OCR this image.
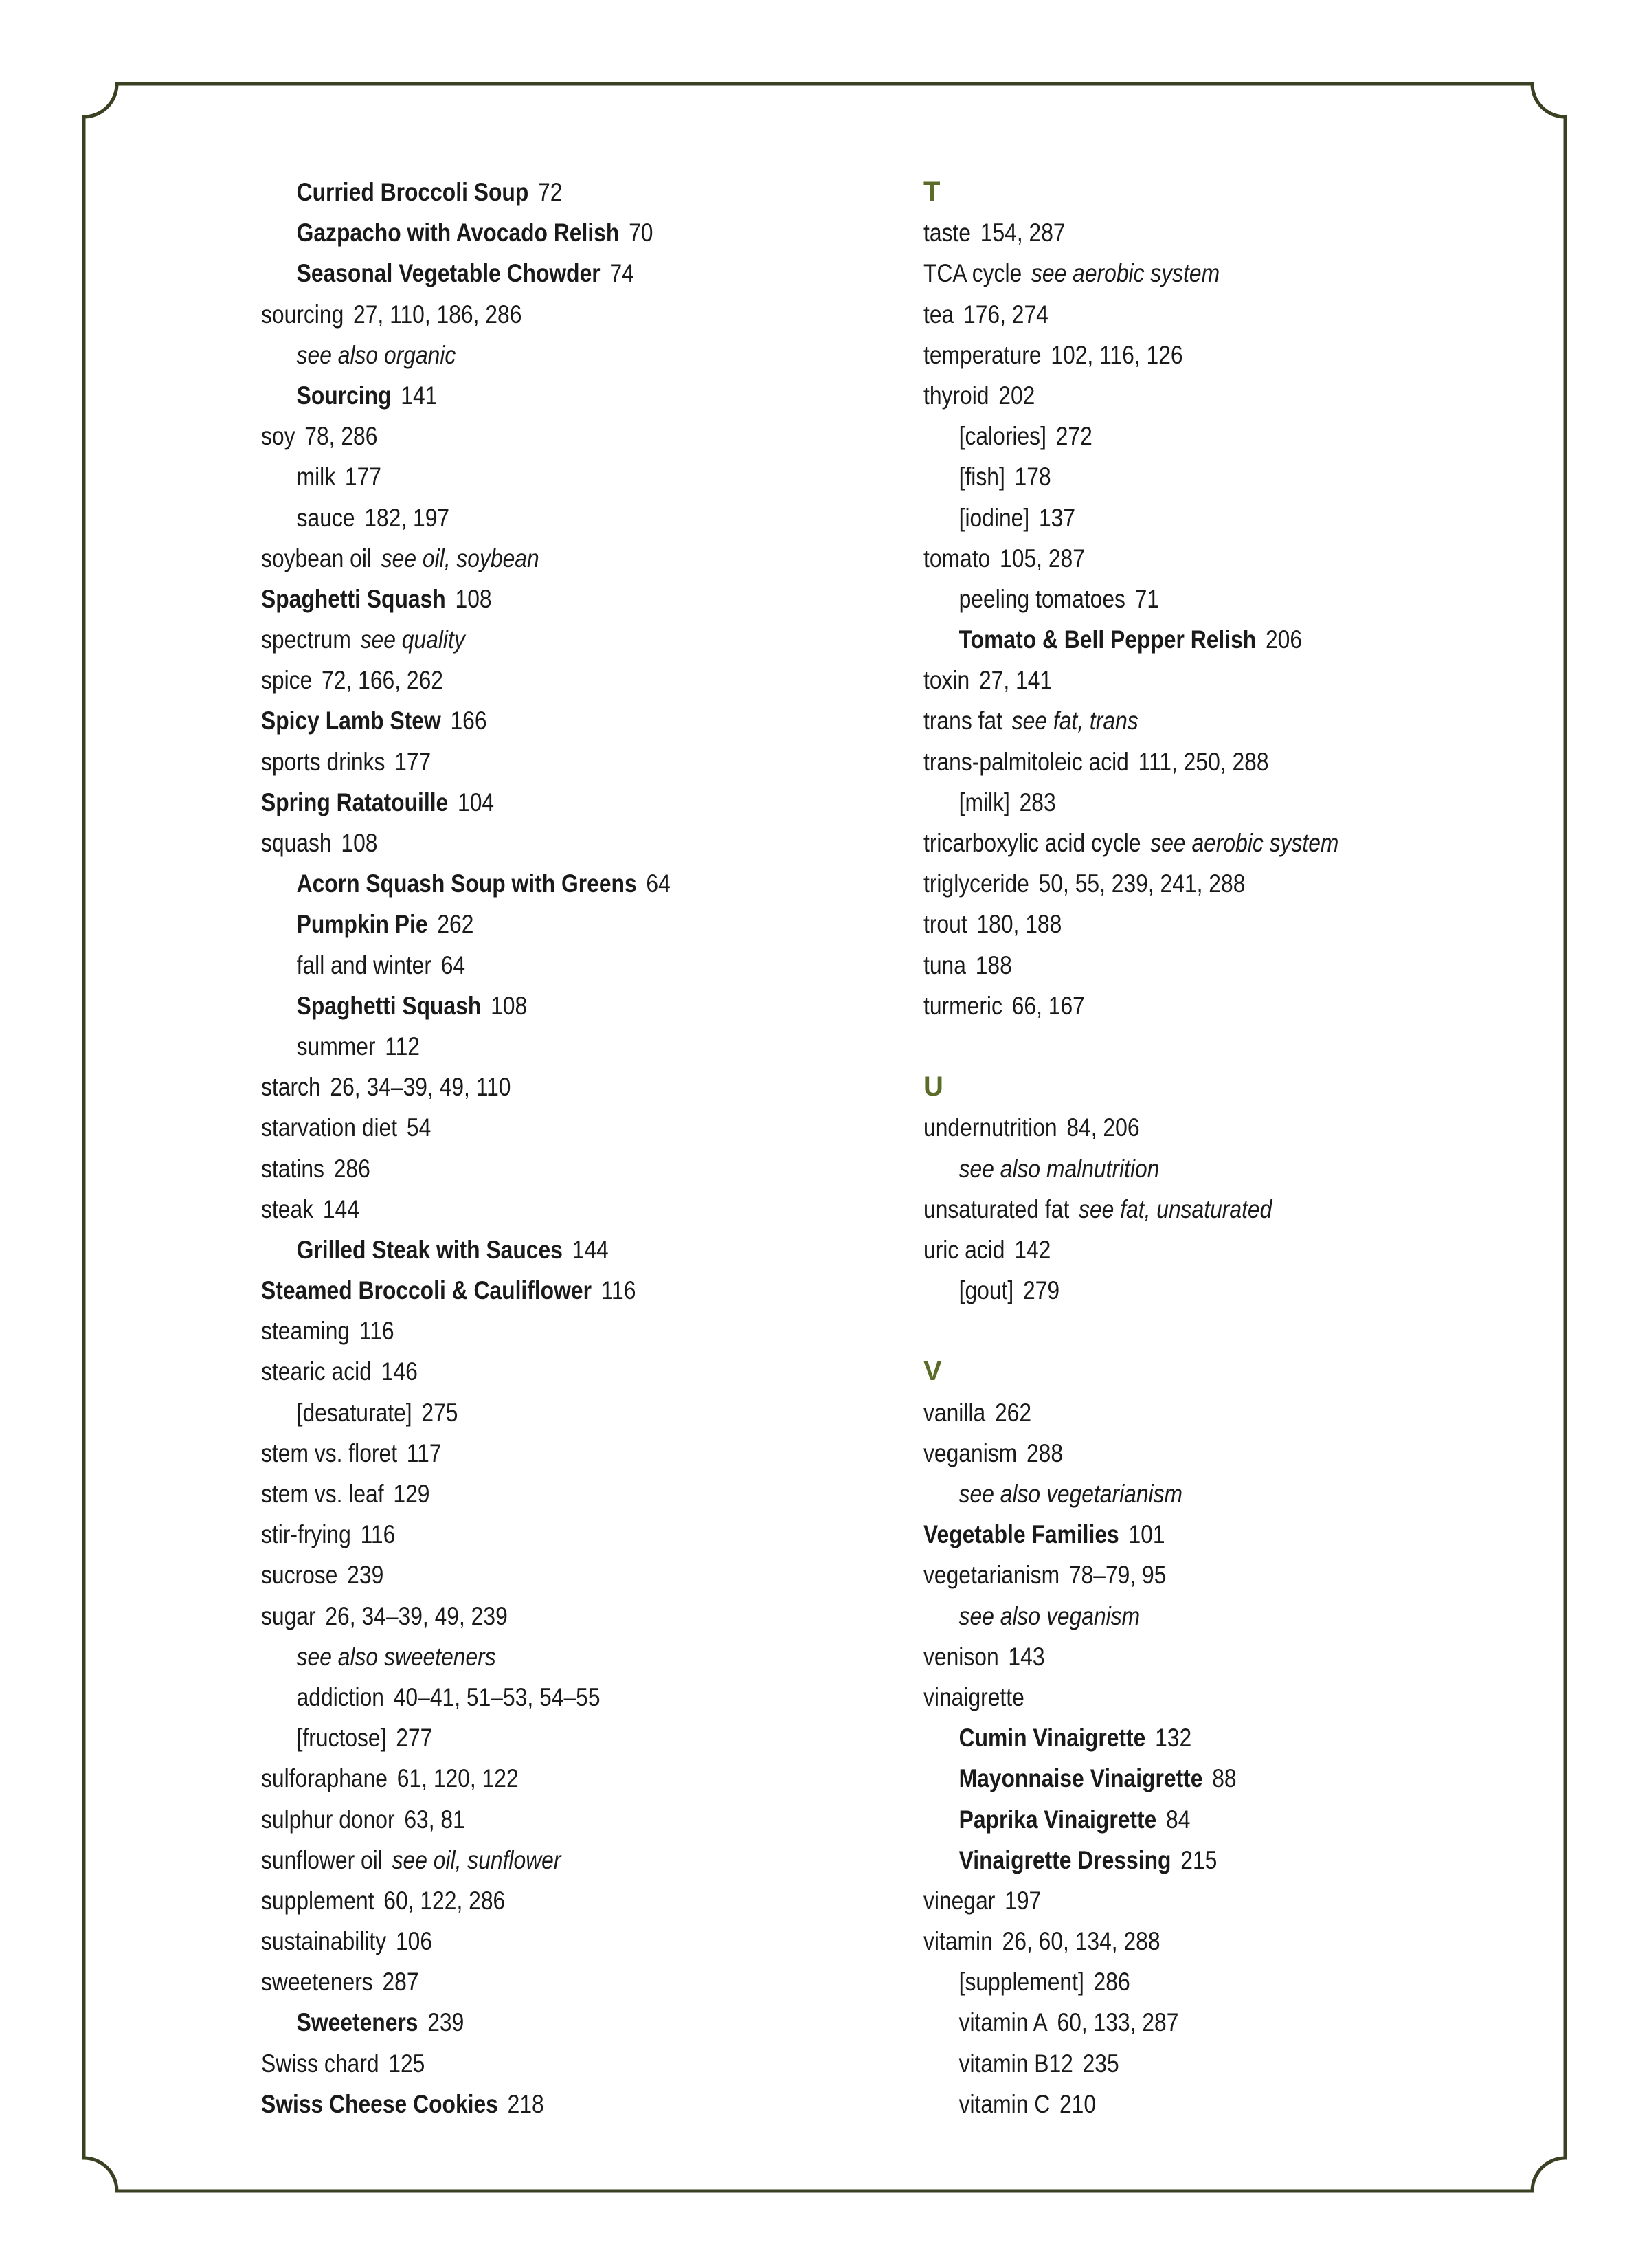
Curried Broccoli Soup 72
Gazpacho with Avocado Relish 70
Seasonal Vegetable Chowder 74
sourcing 27, 110, 186, 286
see also organic
Sourcing 141
soy 78, 286
milk 177
sauce 182, 197
soybean oil see oil, soybean
Spaghetti Squash 108
spectrum see quality
spice 72, 166, 262
Spicy Lamb Stew 166
sports drinks 177
Spring Ratatouille 104
squash 108
Acorn Squash Soup with Greens 64
Pumpkin Pie 262
fall and winter 64
Spaghetti Squash 108
summer 112
starch 26, 34–39, 49, 110
starvation diet 54
statins 286
steak 144
Grilled Steak with Sauces 144
Steamed Broccoli & Cauliflower 116
steaming 116
stearic acid 146
[desaturate] 275
stem vs. floret 117
stem vs. leaf 129
stir-frying 116
sucrose 239
sugar 26, 34–39, 49, 239
see also sweeteners
addiction 40–41, 51–53, 54–55
[fructose] 277
sulforaphane 61, 120, 122
sulphur donor 63, 81
sunflower oil see oil, sunflower
supplement 60, 122, 286
sustainability 106
sweeteners 287
Sweeteners 239
Swiss chard 125
Swiss Cheese Cookies 218
T
taste 154, 287
TCA cycle see aerobic system
tea 176, 274
temperature 102, 116, 126
thyroid 202
[calories] 272
[fish] 178
[iodine] 137
tomato 105, 287
peeling tomatoes 71
Tomato & Bell Pepper Relish 206
toxin 27, 141
trans fat see fat, trans
trans-palmitoleic acid 111, 250, 288
[milk] 283
tricarboxylic acid cycle see aerobic system
triglyceride 50, 55, 239, 241, 288
trout 180, 188
tuna 188
turmeric 66, 167
U
undernutrition 84, 206
see also malnutrition
unsaturated fat see fat, unsaturated
uric acid 142
[gout] 279
V
vanilla 262
veganism 288
see also vegetarianism
Vegetable Families 101
vegetarianism 78–79, 95
see also veganism
venison 143
vinaigrette
Cumin Vinaigrette 132
Mayonnaise Vinaigrette 88
Paprika Vinaigrette 84
Vinaigrette Dressing 215
vinegar 197
vitamin 26, 60, 134, 288
[supplement] 286
vitamin A 60, 133, 287
vitamin B12 235
vitamin C 210
